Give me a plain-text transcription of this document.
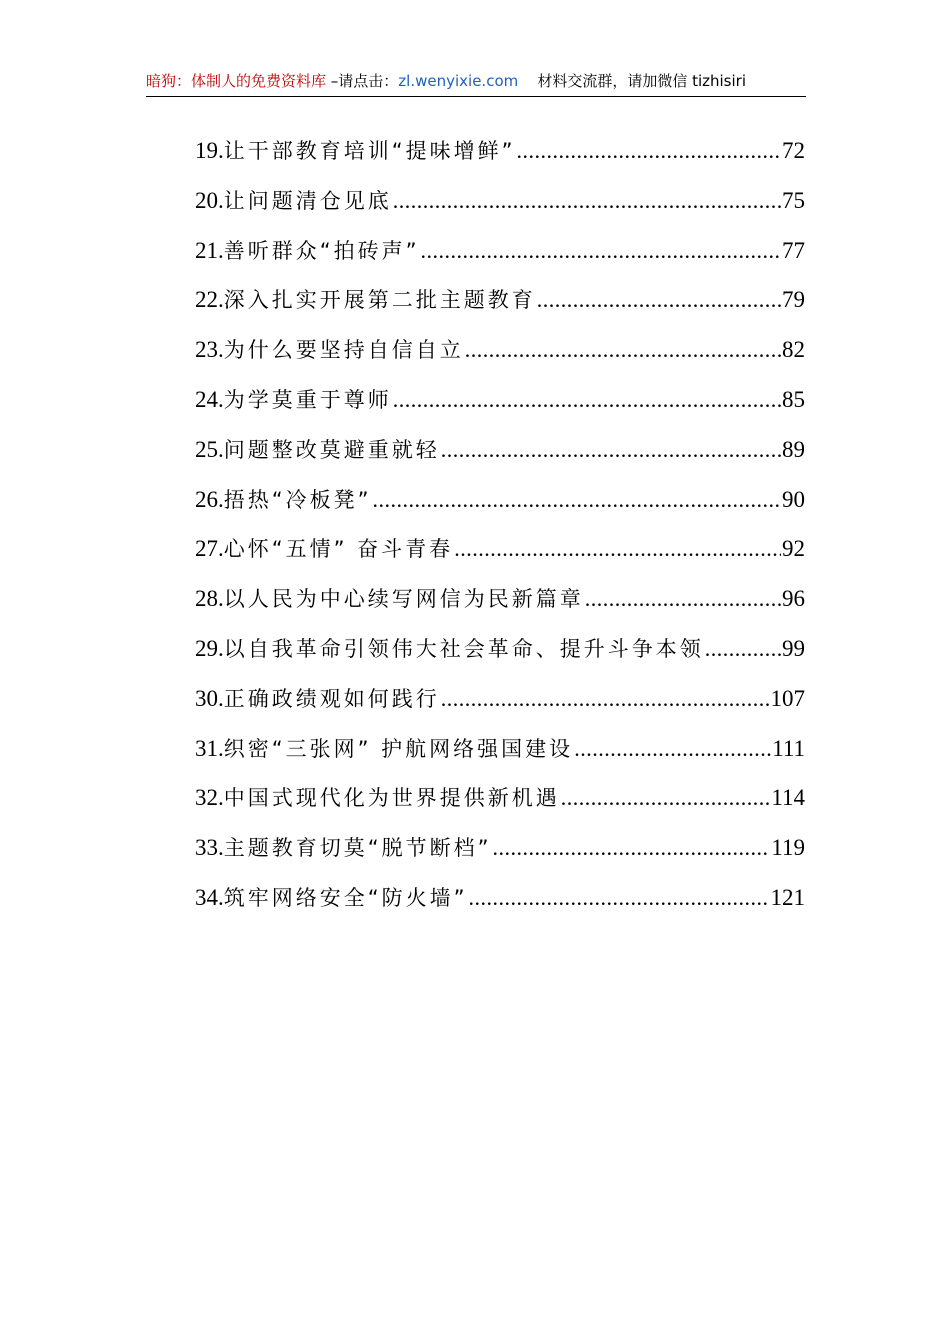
暗狗：体制人的免费资料库 –请点击：zl.wenyixie.com 材料交流群，请加微信 tizhisiri
19. 让干部教育培训“提味增鲜” .....	72
20. 让问题清仓见底 .....	75
21. 善听群众“拍砖声” .....	77
22. 深入扎实开展第二批主题教育 .....	79
23. 为什么要坚持自信自立 .....	82
24. 为学莫重于尊师 .....	85
25. 问题整改莫避重就轻 .....	89
26. 捂热“冷板凳” .....	90
27. 心怀“五情” 奋斗青春 .....	92
28. 以人民为中心续写网信为民新篇章 .....	96
29. 以自我革命引领伟大社会革命、提升斗争本领 .....	99
30. 正确政绩观如何践行 .....	107
31. 织密“三张网” 护航网络强国建设 .....	111
32. 中国式现代化为世界提供新机遇 .....	114
33. 主题教育切莫“脱节断档” .....	119
34. 筑牢网络安全“防火墙” .....	121
